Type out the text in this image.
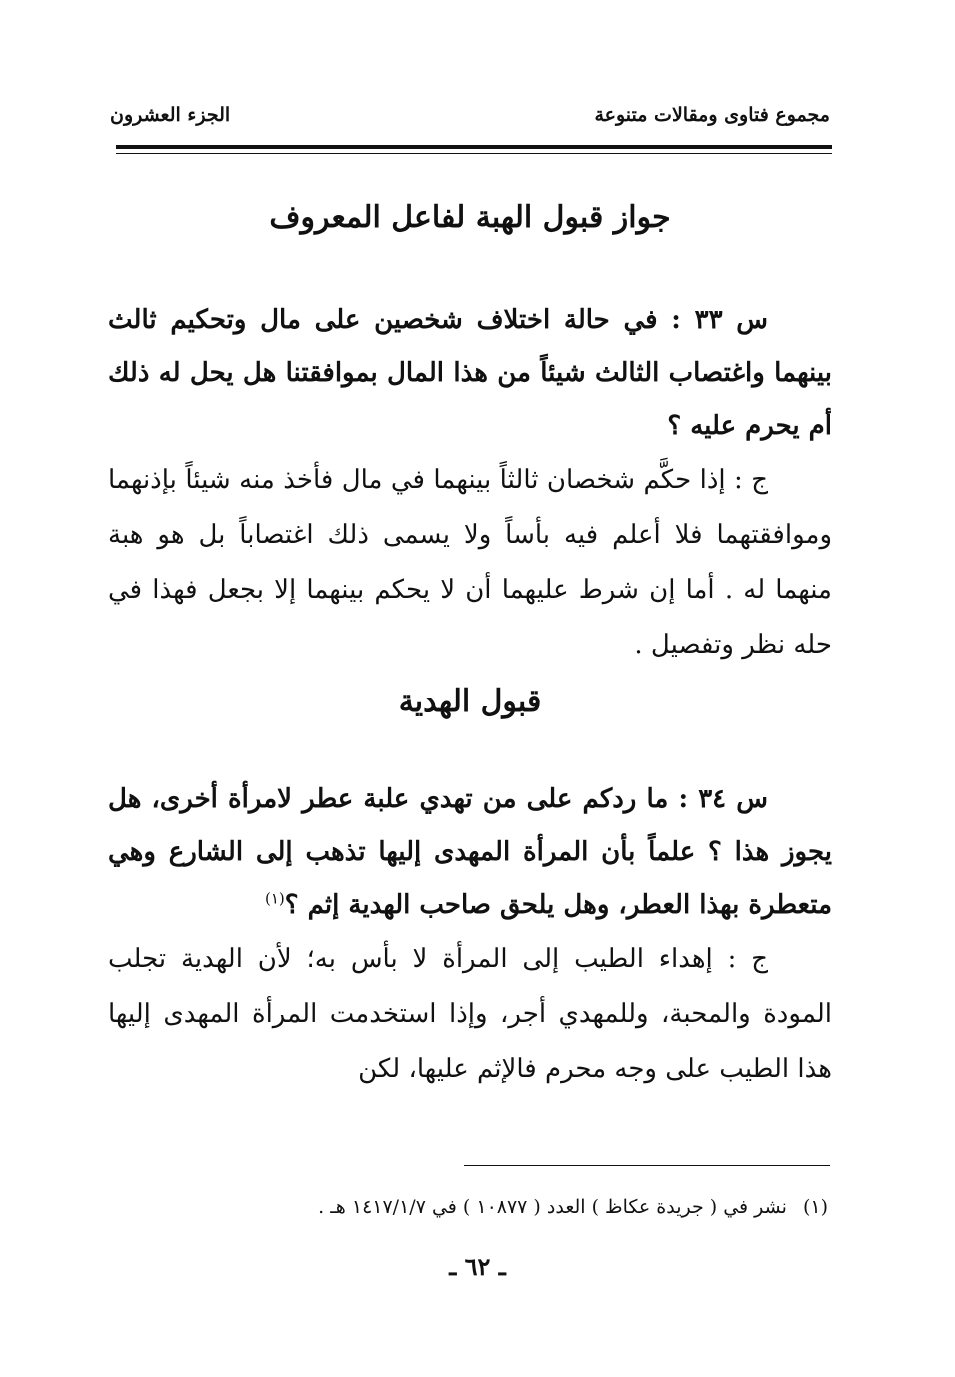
مجموع فتاوى ومقالات متنوعة
الجزء العشرون
جواز قبول الهبة لفاعل المعروف

س ٣٣ : في حالة اختلاف شخصين على مال وتحكيم ثالث بينهما واغتصاب الثالث شيئاً من هذا المال بموافقتنا هل يحل له ذلك أم يحرم عليه ؟

ج : إذا حكَّم شخصان ثالثاً بينهما في مال فأخذ منه شيئاً بإذنهما وموافقتهما فلا أعلم فيه بأساً ولا يسمى ذلك اغتصاباً بل هو هبة منهما له . أما إن شرط عليهما أن لا يحكم بينهما إلا بجعل فهذا في حله نظر وتفصيل .

قبول الهدية

س ٣٤ : ما ردكم على من تهدي علبة عطر لامرأة أخرى، هل يجوز هذا ؟ علماً بأن المرأة المهدى إليها تذهب إلى الشارع وهي متعطرة بهذا العطر، وهل يلحق صاحب الهدية إثم ؟$^{(١)}$

ج : إهداء الطيب إلى المرأة لا بأس به؛ لأن الهدية تجلب المودة والمحبة، وللمهدي أجر، وإذا استخدمت المرأة المهدى إليها هذا الطيب على وجه محرم فالإثم عليها، لكن

(١) نشر في ( جريدة عكاظ ) العدد ( ١٠٨٧٧ ) في ١٤١٧/١/٧ هـ .
ـ ٦٢ ـ
